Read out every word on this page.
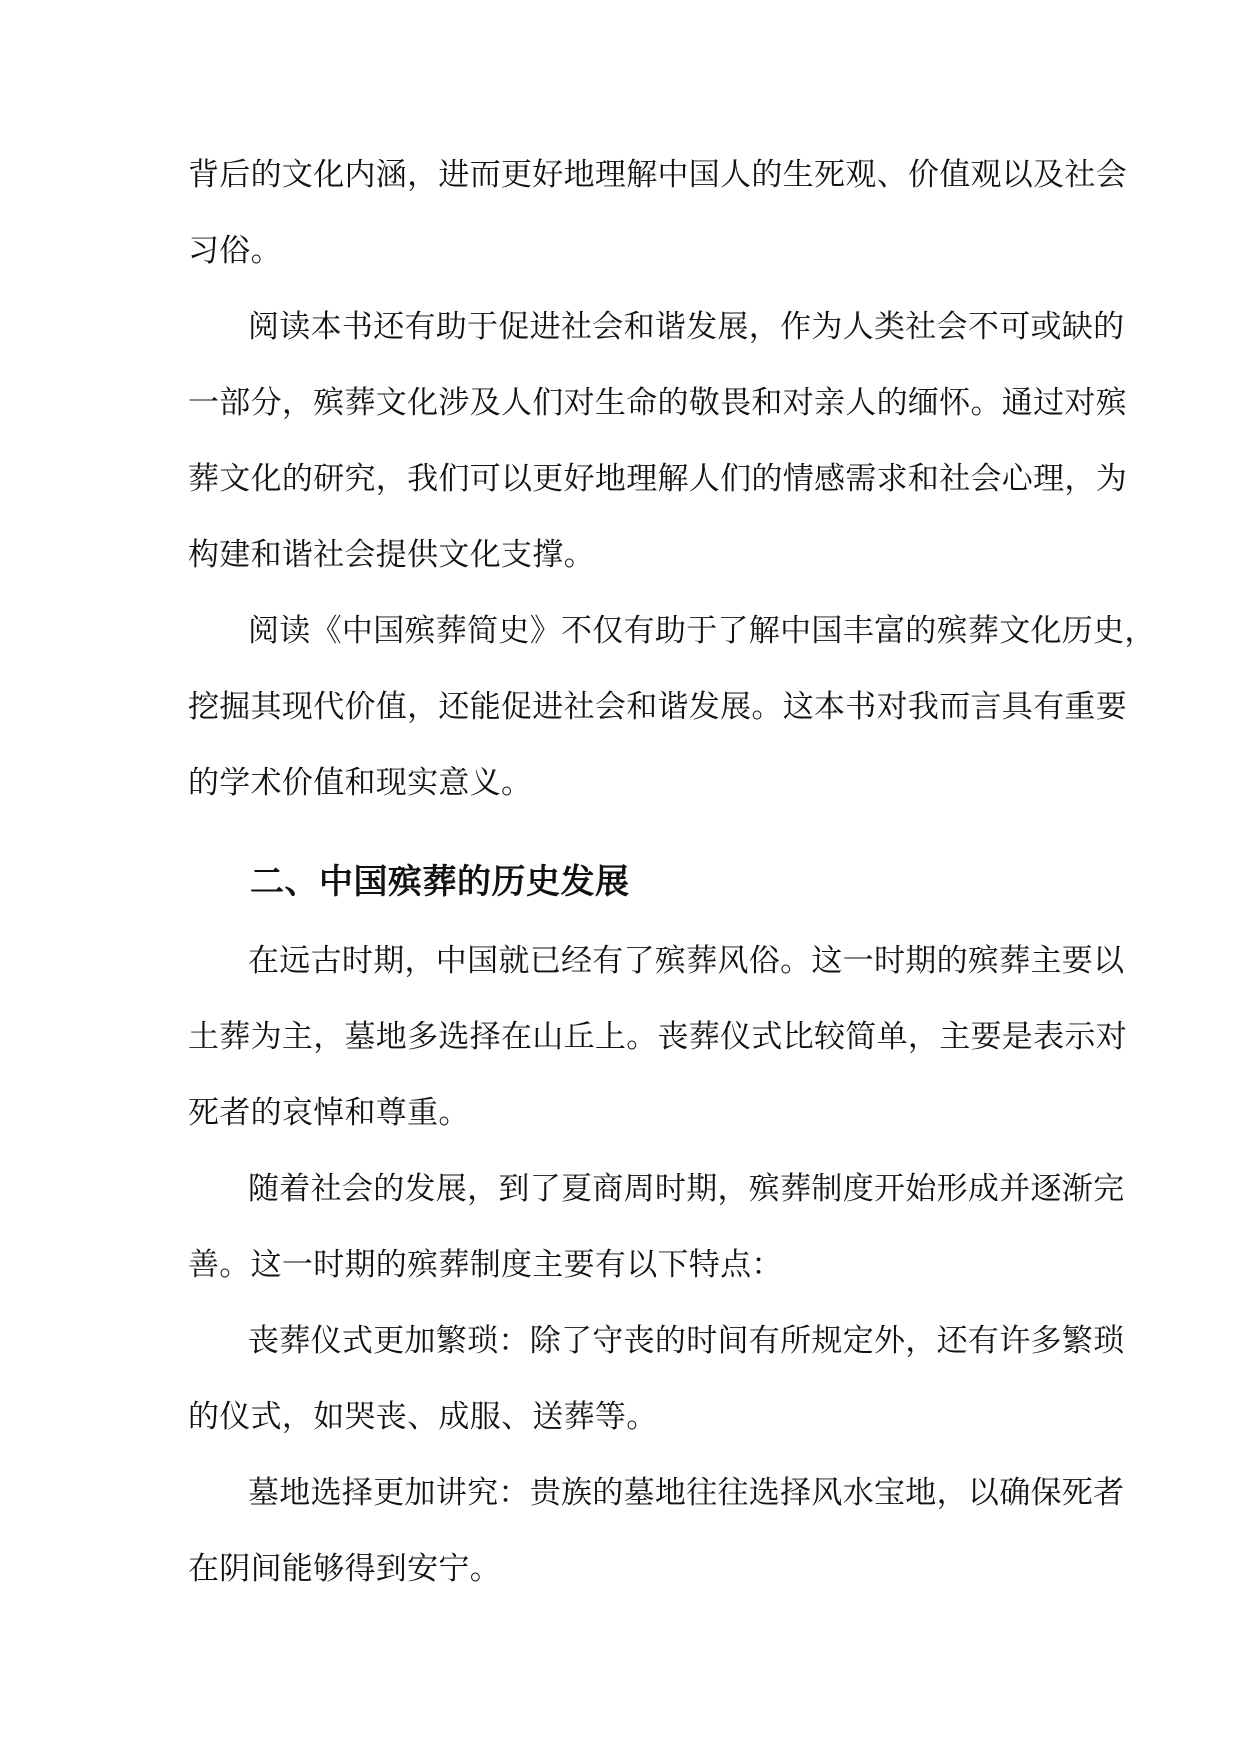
背后的文化内涵，进而更好地理解中国人的生死观、价值观以及社会
习俗。
阅读本书还有助于促进社会和谐发展，作为人类社会不可或缺的
一部分，殡葬文化涉及人们对生命的敬畏和对亲人的缅怀。通过对殡
葬文化的研究，我们可以更好地理解人们的情感需求和社会心理，为
构建和谐社会提供文化支撑。
阅读《中国殡葬简史》不仅有助于了解中国丰富的殡葬文化历史，
挖掘其现代价值，还能促进社会和谐发展。这本书对我而言具有重要
的学术价值和现实意义。
二、中国殡葬的历史发展
在远古时期，中国就已经有了殡葬风俗。这一时期的殡葬主要以
土葬为主，墓地多选择在山丘上。丧葬仪式比较简单，主要是表示对
死者的哀悼和尊重。
随着社会的发展，到了夏商周时期，殡葬制度开始形成并逐渐完
善。这一时期的殡葬制度主要有以下特点：
丧葬仪式更加繁琐：除了守丧的时间有所规定外，还有许多繁琐
的仪式，如哭丧、成服、送葬等。
墓地选择更加讲究：贵族的墓地往往选择风水宝地，以确保死者
在阴间能够得到安宁。
